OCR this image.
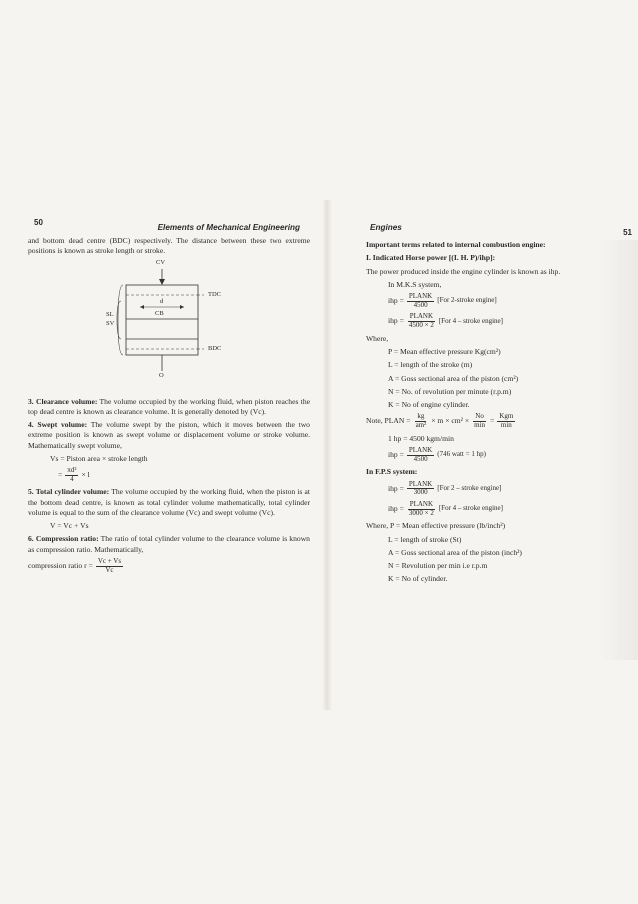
50
Elements of Mechanical Engineering

and bottom dead centre (BDC) respectively. The distance between these two extreme positions is known as stroke length or stroke.

CV
TDC
d
CB
SL
SV
BDC
O

3. Clearance volume: The volume occupied by the working fluid, when piston reaches the top dead centre is known as clearance volume. It is generally denoted by (Vc).

4. Swept volume: The volume swept by the piston, which it moves between the two extreme position is known as swept volume or displacement volume or stroke volume. Mathematically swept volume,

Vs = Piston area × stroke length

= $\frac{\text{πd²}}{4} \times l$

5. Total cylinder volume: The volume occupied by the working fluid, when the piston is at the bottom dead centre, is known as total cylinder volume mathematically, total cylinder volume is equal to the sum of the clearance volume (Vc) and swept volume (Vc).

V = Vc + Vs

6. Compression ratio: The ratio of total cylinder volume to the clearance volume is known as compression ratio. Mathematically,

compression ratio $r = \frac{Vc + Vs}{Vc}$
Engines
51

Important terms related to internal combustion engine:

I. Indicated Horse power [(I. H. P)/ihp]:

The power produced inside the engine cylinder is known as ihp.

In M.K.S system,

ihp = $\frac{\text{PLANK}}{4500} [For$ 2-stroke engine]
ihp = $\frac{\text{PLANK}}{4500 \times 2} [For$ 4 – stroke engine]

Where,

P = Mean effective pressure Kg(cm²)

L = length of the stroke (m)

A = Goss sectional area of the piston (cm²)

N = No. of revolution per minute (r.p.m)

K = No of engine cylinder.

Note, PLAN = $\frac{kg}{\text{am²}} \times m \times cm^2 \times \frac{No}{\min} = \frac{\text{Kgm}}{\min}$

1 hp = 4500 kgm/min

ihp = $\frac{\text{PLANK}}{4500} (746$ watt = 1 hp)

In F.P.S system:

ihp = $\frac{\text{PLANK}}{3000} [For$ 2 – stroke engine]
ihp = $\frac{\text{PLANK}}{3000 \times 2} [For$ 4 – stroke engine]

Where, P = Mean effective pressure (lb/inch²)

L = length of stroke (St)

A = Goss sectional area of the piston (inch²)

N = Revolution per min i.e r.p.m

K = No of cylinder.
